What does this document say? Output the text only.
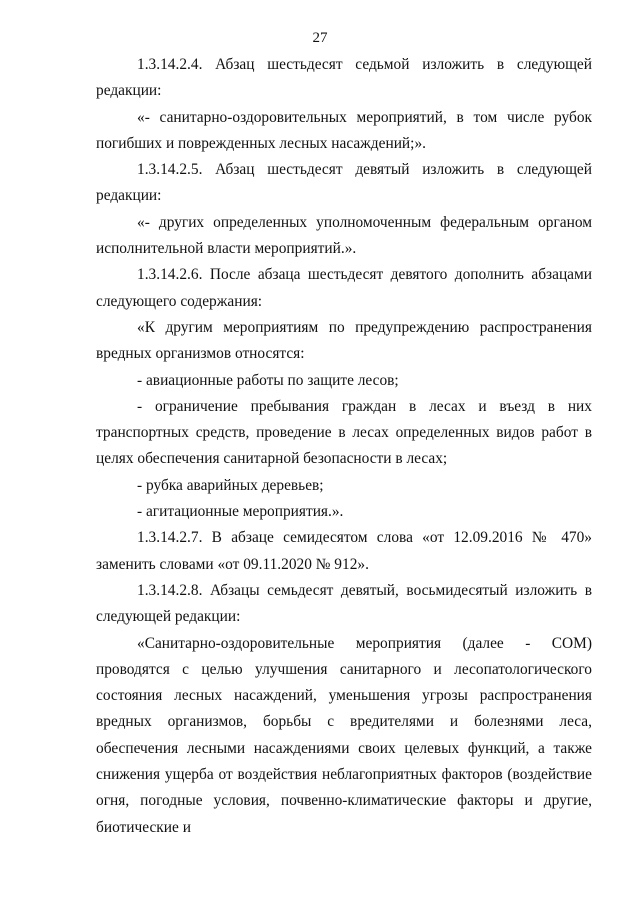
27

1.3.14.2.4. Абзац шестьдесят седьмой изложить в следующей редакции:

«- санитарно-оздоровительных мероприятий, в том числе рубок погибших и поврежденных лесных насаждений;».

1.3.14.2.5. Абзац шестьдесят девятый изложить в следующей редакции:

«- других определенных уполномоченным федеральным органом исполнительной власти мероприятий.».

1.3.14.2.6. После абзаца шестьдесят девятого дополнить абзацами следующего содержания:

«К другим мероприятиям по предупреждению распространения вредных организмов относятся:

- авиационные работы по защите лесов;

- ограничение пребывания граждан в лесах и въезд в них транспортных средств, проведение в лесах определенных видов работ в целях обеспечения санитарной безопасности в лесах;

- рубка аварийных деревьев;

- агитационные мероприятия.».

1.3.14.2.7. В абзаце семидесятом слова «от 12.09.2016 № 470» заменить словами «от 09.11.2020 № 912».

1.3.14.2.8. Абзацы семьдесят девятый, восьмидесятый изложить в следующей редакции:

«Санитарно-оздоровительные мероприятия (далее - СОМ) проводятся с целью улучшения санитарного и лесопатологического состояния лесных насаждений, уменьшения угрозы распространения вредных организмов, борьбы с вредителями и болезнями леса, обеспечения лесными насаждениями своих целевых функций, а также снижения ущерба от воздействия неблагоприятных факторов (воздействие огня, погодные условия, почвенно-климатические факторы и другие, биотические и
